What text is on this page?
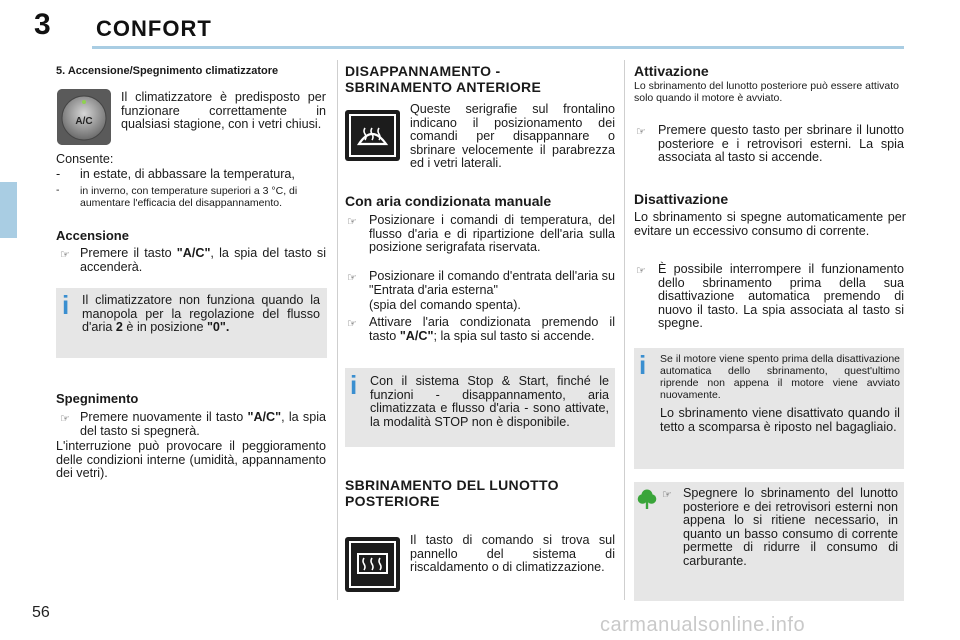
3 CONFORT
5. Accensione/Spegnimento climatizzatore
A/C
Il climatizzatore è predisposto per funzionare correttamente in qualsiasi stagione, con i vetri chiusi.
Consente:
- in estate, di abbassare la temperatura,
- in inverno, con temperature superiori a 3 °C, di aumentare l'efficacia del disappannamento.
Accensione
☞ Premere il tasto "A/C", la spia del tasto si accenderà.
i Il climatizzatore non funziona quando la manopola per la regolazione del flusso d'aria 2 è in posizione "0".
Spegnimento
☞ Premere nuovamente il tasto "A/C", la spia del tasto si spegnerà.
L'interruzione può provocare il peggioramento delle condizioni interne (umidità, appannamento dei vetri).
DISAPPANNAMENTO -
SBRINAMENTO ANTERIORE
Queste serigrafie sul frontalino indicano il posizionamento dei comandi per disappannare o sbrinare velocemente il parabrezza ed i vetri laterali.
Con aria condizionata manuale
☞ Posizionare i comandi di temperatura, del flusso d'aria e di ripartizione dell'aria sulla posizione serigrafata riservata.
☞ Posizionare il comando d'entrata dell'aria su "Entrata d'aria esterna"
(spia del comando spenta).
☞ Attivare l'aria condizionata premendo il tasto "A/C"; la spia sul tasto si accende.
i Con il sistema Stop & Start, finché le funzioni - disappannamento, aria climatizzata e flusso d'aria - sono attivate, la modalità STOP non è disponibile.
SBRINAMENTO DEL LUNOTTO
POSTERIORE
Il tasto di comando si trova sul pannello del sistema di riscaldamento o di climatizzazione.
Attivazione
Lo sbrinamento del lunotto posteriore può essere attivato solo quando il motore è avviato.
☞ Premere questo tasto per sbrinare il lunotto posteriore e i retrovisori esterni. La spia associata al tasto si accende.
Disattivazione
Lo sbrinamento si spegne automaticamente per evitare un eccessivo consumo di corrente.
☞ È possibile interrompere il funzionamento dello sbrinamento prima della sua disattivazione automatica premendo di nuovo il tasto. La spia associata al tasto si spegne.
i Se il motore viene spento prima della disattivazione automatica dello sbrinamento, quest'ultimo riprende non appena il motore viene avviato nuovamente.
Lo sbrinamento viene disattivato quando il tetto a scomparsa è riposto nel bagagliaio.
☞ Spegnere lo sbrinamento del lunotto posteriore e dei retrovisori esterni non appena lo si ritiene necessario, in quanto un basso consumo di corrente permette di ridurre il consumo di carburante.
56
carmanualsonline.info
